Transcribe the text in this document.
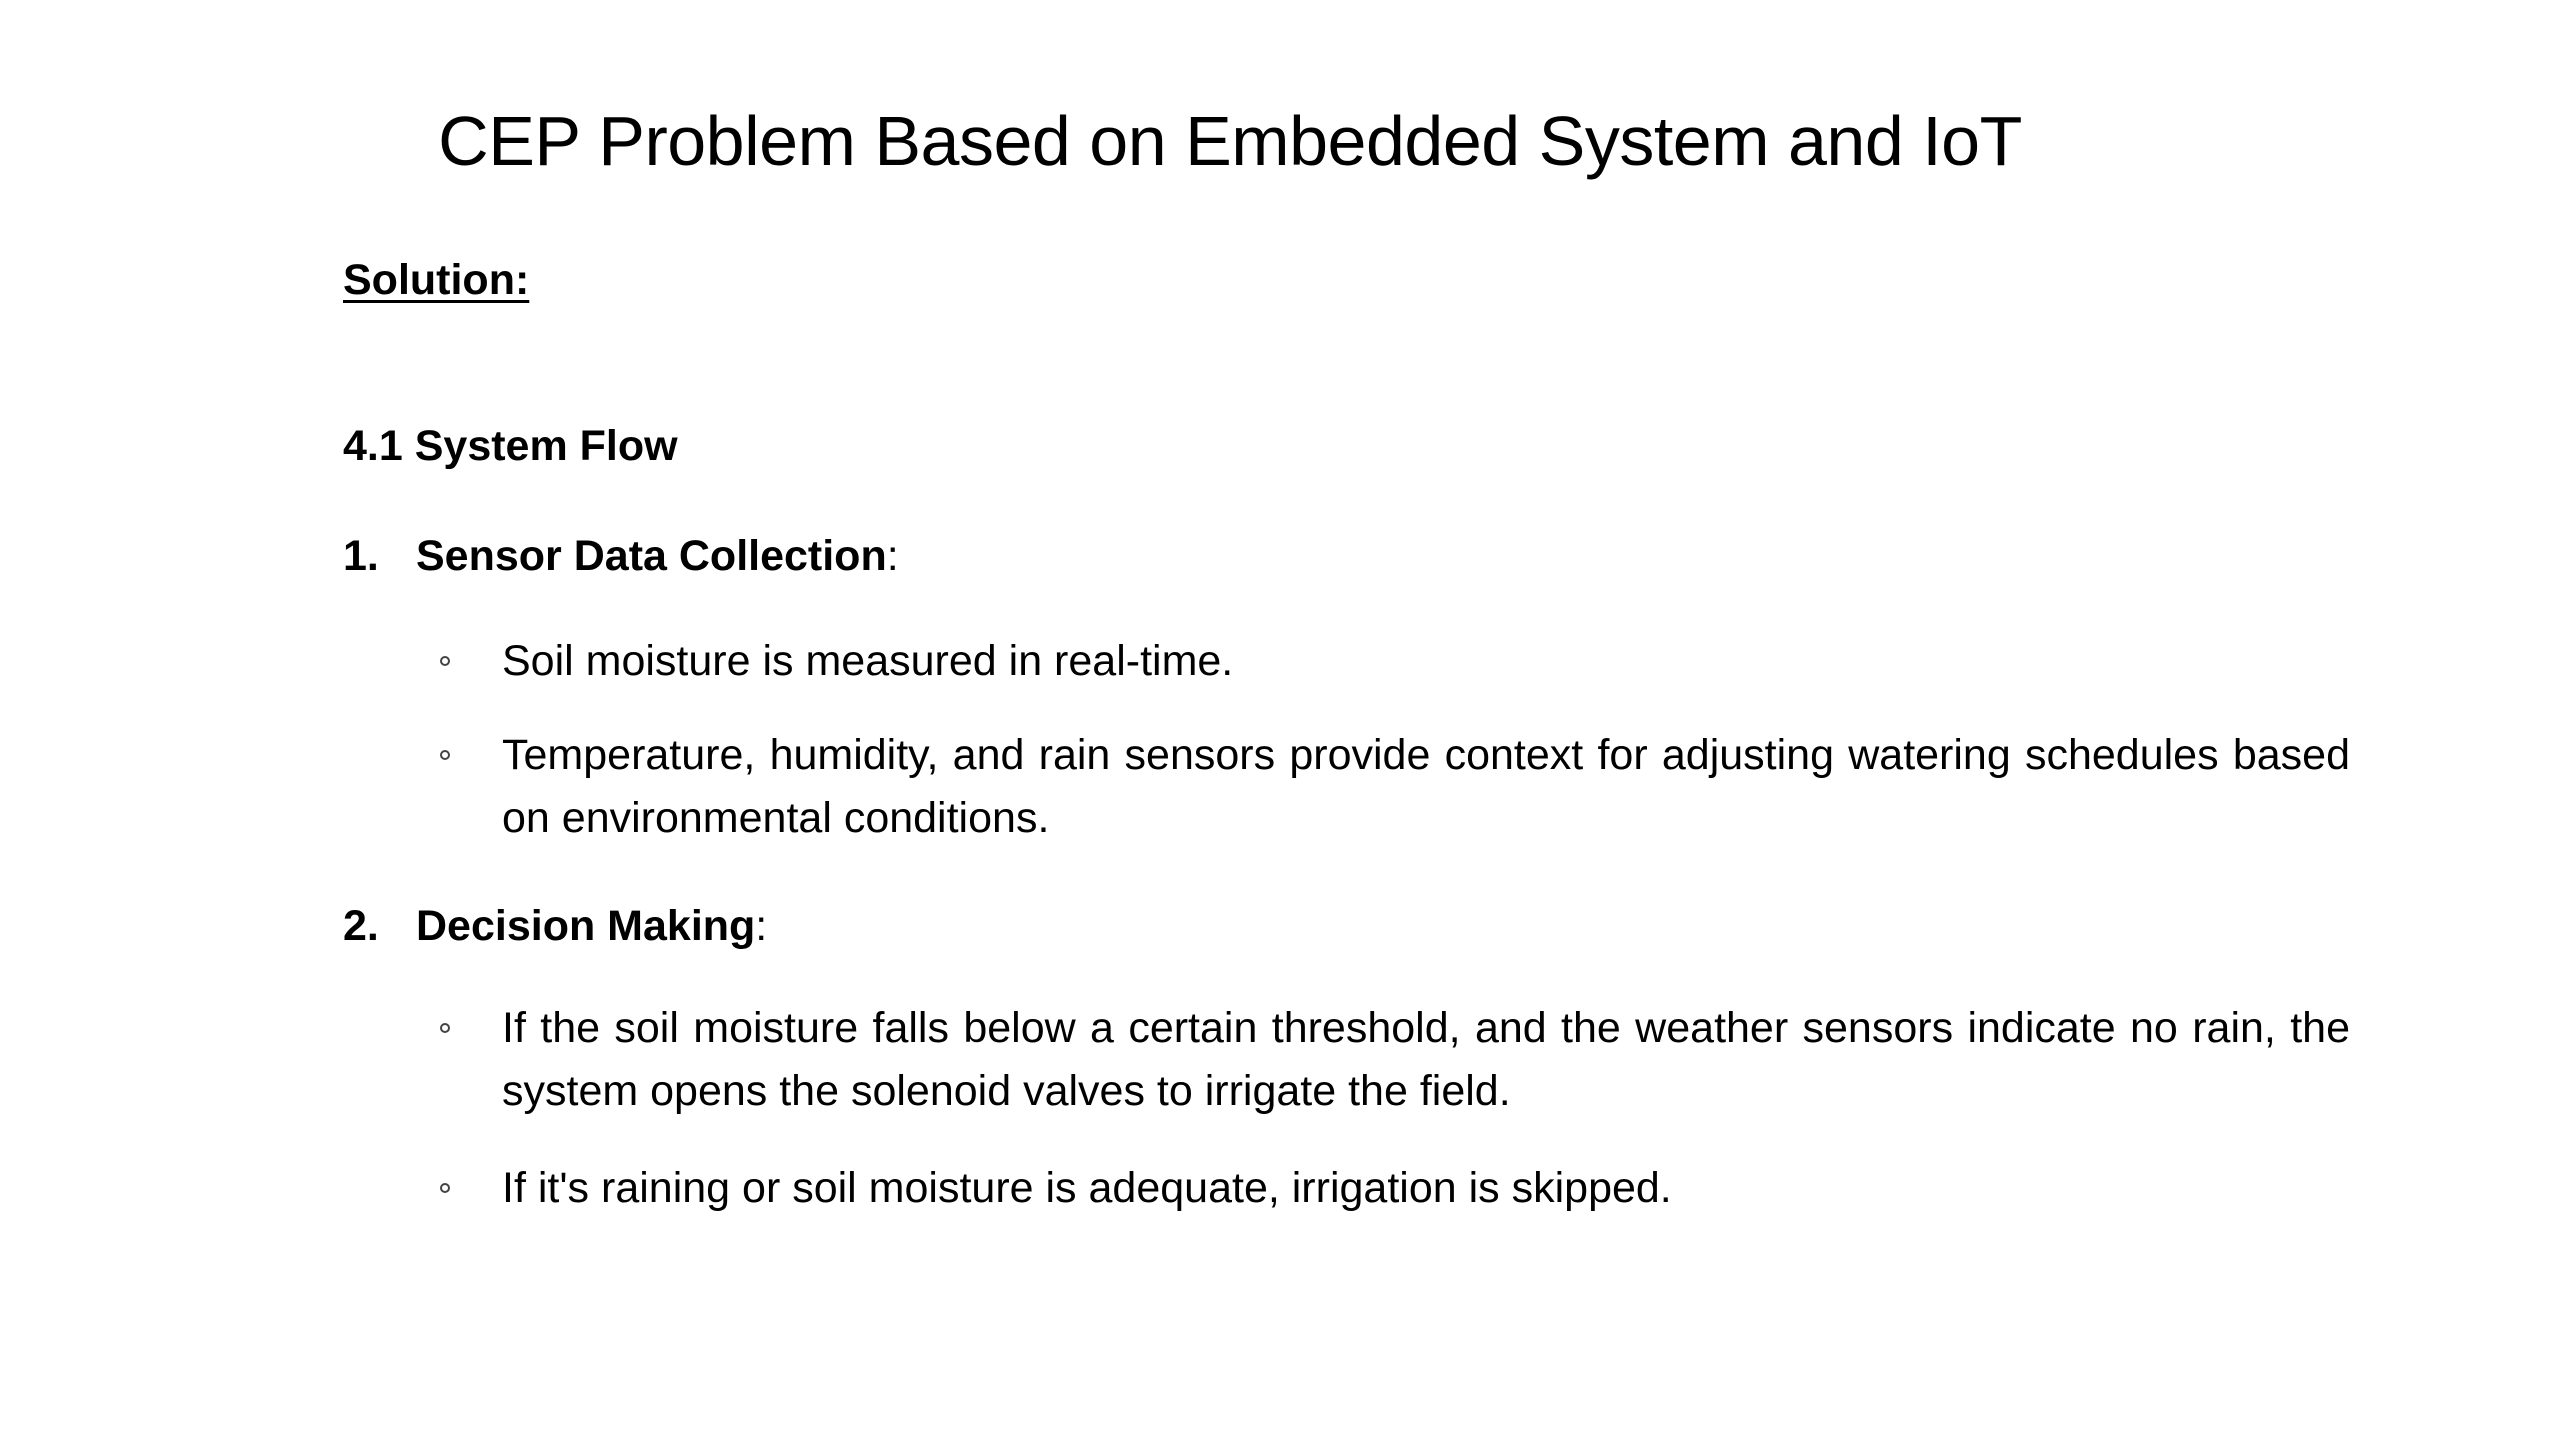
CEP Problem Based on Embedded System and IoT
Solution:
4.1 System Flow
1. Sensor Data Collection:
Soil moisture is measured in real-time.
Temperature, humidity, and rain sensors provide context for adjusting watering schedules based on environmental conditions.
2. Decision Making:
If the soil moisture falls below a certain threshold, and the weather sensors indicate no rain, the system opens the solenoid valves to irrigate the field.
If it's raining or soil moisture is adequate, irrigation is skipped.
